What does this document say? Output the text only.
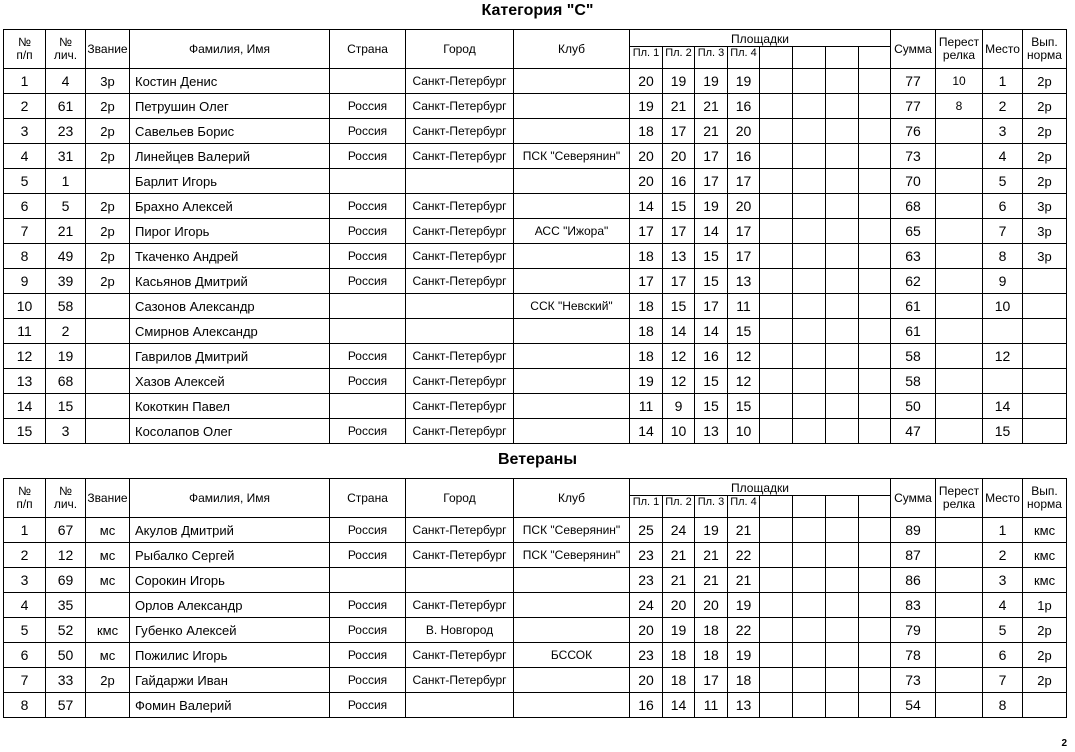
Категория "С"
№
п/п	№
лич.	Звание	Фамилия, Имя	Страна	Город	Клуб	Площадки								Сумма	Перест
релка	Место	Вып.
норма
							Пл. 1	Пл. 2	Пл. 3	Пл. 4								
1	4	3р	Костин Денис		Санкт-Петербург		20	19	19	19					77	10	1	2р
2	61	2р	Петрушин Олег	Россия	Санкт-Петербург		19	21	21	16					77	8	2	2р
3	23	2р	Савельев Борис	Россия	Санкт-Петербург		18	17	21	20					76		3	2р
4	31	2р	Линейцев Валерий	Россия	Санкт-Петербург	ПСК "Северянин"	20	20	17	16					73		4	2р
5	1		Барлит Игорь				20	16	17	17					70		5	2р
6	5	2р	Брахно Алексей	Россия	Санкт-Петербург		14	15	19	20					68		6	3р
7	21	2р	Пирог Игорь	Россия	Санкт-Петербург	АСС "Ижора"	17	17	14	17					65		7	3р
8	49	2р	Ткаченко Андрей	Россия	Санкт-Петербург		18	13	15	17					63		8	3р
9	39	2р	Касьянов Дмитрий	Россия	Санкт-Петербург		17	17	15	13					62		9	
10	58		Сазонов Александр			ССК "Невский"	18	15	17	11					61		10	
11	2		Смирнов Александр				18	14	14	15					61			
12	19		Гаврилов Дмитрий	Россия	Санкт-Петербург		18	12	16	12					58		12	
13	68		Хазов Алексей	Россия	Санкт-Петербург		19	12	15	12					58			
14	15		Кокоткин Павел		Санкт-Петербург		11	9	15	15					50		14	
15	3		Косолапов Олег	Россия	Санкт-Петербург		14	10	13	10					47		15	
Ветераны
№
п/п	№
лич.	Звание	Фамилия, Имя	Страна	Город	Клуб	Площадки								Сумма	Перест
релка	Место	Вып.
норма
							Пл. 1	Пл. 2	Пл. 3	Пл. 4								
1	67	мс	Акулов Дмитрий	Россия	Санкт-Петербург	ПСК "Северянин"	25	24	19	21					89		1	кмс
2	12	мс	Рыбалко Сергей	Россия	Санкт-Петербург	ПСК "Северянин"	23	21	21	22					87		2	кмс
3	69	мс	Сорокин Игорь				23	21	21	21					86		3	кмс
4	35		Орлов Александр	Россия	Санкт-Петербург		24	20	20	19					83		4	1р
5	52	кмс	Губенко Алексей	Россия	В. Новгород		20	19	18	22					79		5	2р
6	50	мс	Пожилис Игорь	Россия	Санкт-Петербург	БССОК	23	18	18	19					78		6	2р
7	33	2р	Гайдаржи Иван	Россия	Санкт-Петербург		20	18	17	18					73		7	2р
8	57		Фомин Валерий	Россия			16	14	11	13					54		8	
2
